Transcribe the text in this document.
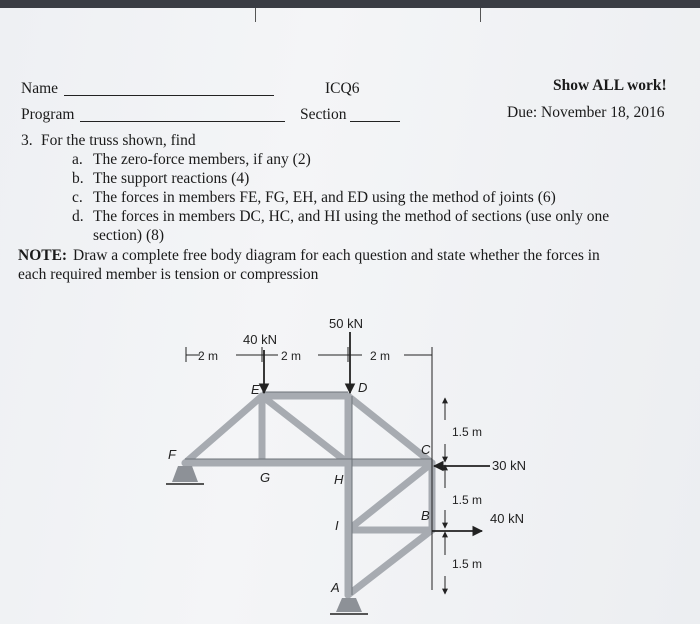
Name	ICQ6	Show ALL work!
Program	Section	Due: November 18, 2016
3. For the truss shown, find
a. The zero-force members, if any (2)
b. The support reactions (4)
c. The forces in members FE, FG, EH, and ED using the method of joints (6)
d. The forces in members DC, HC, and HI using the method of sections (use only one
section) (8)
NOTE: Draw a complete free body diagram for each question and state whether the forces in
each required member is tension or compression
2 m	2 m	2 m
1.5 m
1.5 m
1.5 m
50 kN
40 kN
30 kN
40 kN
E	D
F
G	H
C
B
I
A
